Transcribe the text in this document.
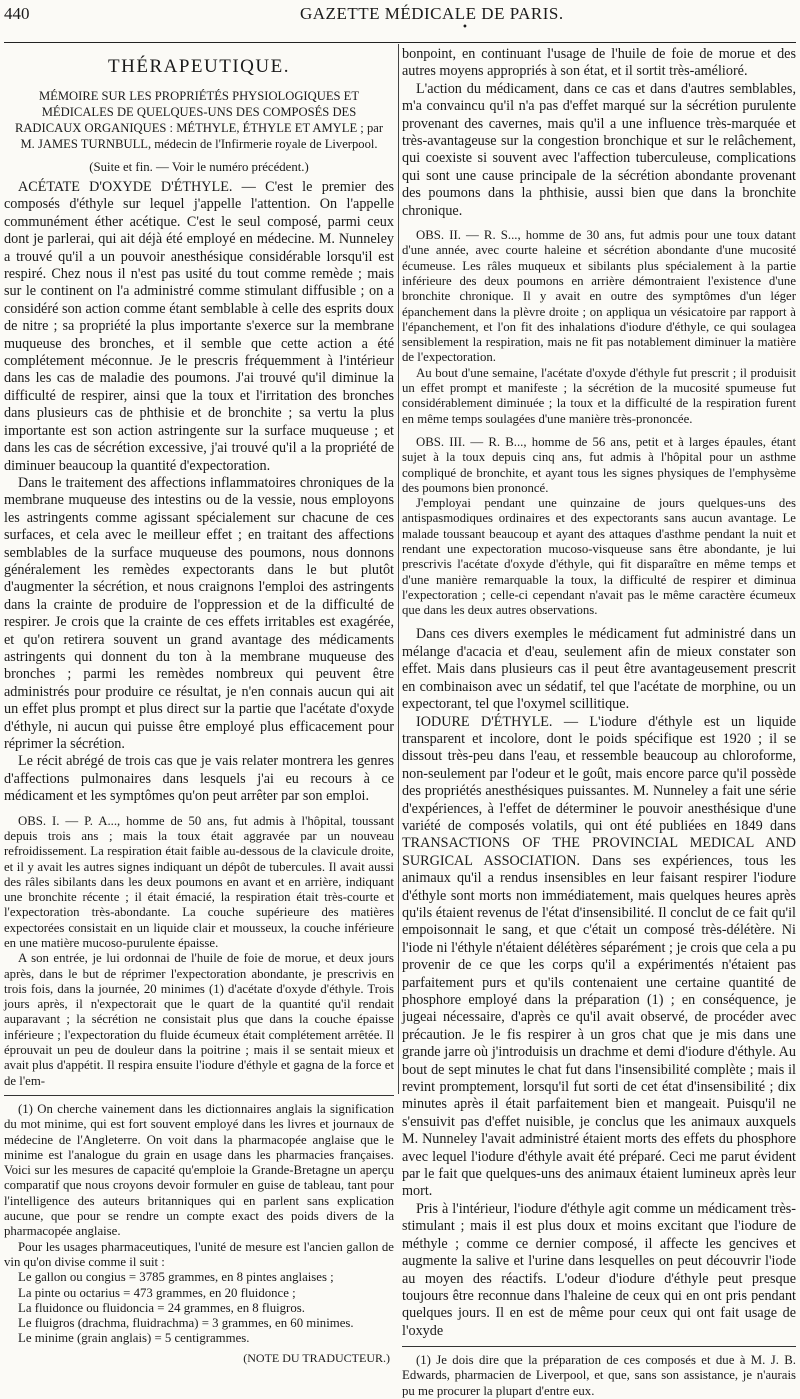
440	GAZETTE MÉDICALE DE PARIS.
•
THÉRAPEUTIQUE.
MÉMOIRE SUR LES PROPRIÉTÉS PHYSIOLOGIQUES ET MÉDICALES DE QUELQUES-UNS DES COMPOSÉS DES RADICAUX ORGANIQUES : MÉTHYLE, ÉTHYLE ET AMYLE ; par M. JAMES TURNBULL, médecin de l'Infirmerie royale de Liverpool.
(Suite et fin. — Voir le numéro précédent.)

ACÉTATE D'OXYDE D'ÉTHYLE. — C'est le premier des composés d'éthyle sur lequel j'appelle l'attention. On l'appelle communément éther acétique. C'est le seul composé, parmi ceux dont je parlerai, qui ait déjà été employé en médecine. M. Nunneley a trouvé qu'il a un pouvoir anesthésique considérable lorsqu'il est respiré. Chez nous il n'est pas usité du tout comme remède ; mais sur le continent on l'a administré comme stimulant diffusible ; on a considéré son action comme étant semblable à celle des esprits doux de nitre ; sa propriété la plus importante s'exerce sur la membrane muqueuse des bronches, et il semble que cette action a été complétement méconnue. Je le prescris fréquemment à l'intérieur dans les cas de maladie des poumons. J'ai trouvé qu'il diminue la difficulté de respirer, ainsi que la toux et l'irritation des bronches dans plusieurs cas de phthisie et de bronchite ; sa vertu la plus importante est son action astringente sur la surface muqueuse ; et dans les cas de sécrétion excessive, j'ai trouvé qu'il a la propriété de diminuer beaucoup la quantité d'expectoration.

Dans le traitement des affections inflammatoires chroniques de la membrane muqueuse des intestins ou de la vessie, nous employons les astringents comme agissant spécialement sur chacune de ces surfaces, et cela avec le meilleur effet ; en traitant des affections semblables de la surface muqueuse des poumons, nous donnons généralement les remèdes expectorants dans le but plutôt d'augmenter la sécrétion, et nous craignons l'emploi des astringents dans la crainte de produire de l'oppression et de la difficulté de respirer. Je crois que la crainte de ces effets irritables est exagérée, et qu'on retirera souvent un grand avantage des médicaments astringents qui donnent du ton à la membrane muqueuse des bronches ; parmi les remèdes nombreux qui peuvent être administrés pour produire ce résultat, je n'en connais aucun qui ait un effet plus prompt et plus direct sur la partie que l'acétate d'oxyde d'éthyle, ni aucun qui puisse être employé plus efficacement pour réprimer la sécrétion.

Le récit abrégé de trois cas que je vais relater montrera les genres d'affections pulmonaires dans lesquels j'ai eu recours à ce médicament et les symptômes qu'on peut arrêter par son emploi.

OBS. I. — P. A..., homme de 50 ans, fut admis à l'hôpital, toussant depuis trois ans ; mais la toux était aggravée par un nouveau refroidissement. La respiration était faible au-dessous de la clavicule droite, et il y avait les autres signes indiquant un dépôt de tubercules. Il avait aussi des râles sibilants dans les deux poumons en avant et en arrière, indiquant une bronchite récente ; il était émacié, la respiration était très-courte et l'expectoration très-abondante. La couche supérieure des matières expectorées consistait en un liquide clair et mousseux, la couche inférieure en une matière mucoso-purulente épaisse.

A son entrée, je lui ordonnai de l'huile de foie de morue, et deux jours après, dans le but de réprimer l'expectoration abondante, je prescrivis en trois fois, dans la journée, 20 minimes (1) d'acétate d'oxyde d'éthyle. Trois jours après, il n'expectorait que le quart de la quantité qu'il rendait auparavant ; la sécrétion ne consistait plus que dans la couche épaisse inférieure ; l'expectoration du fluide écumeux était complétement arrêtée. Il éprouvait un peu de douleur dans la poitrine ; mais il se sentait mieux et avait plus d'appétit. Il respira ensuite l'iodure d'éthyle et gagna de la force et de l'em-

(1) On cherche vainement dans les dictionnaires anglais la signification du mot minime, qui est fort souvent employé dans les livres et journaux de médecine de l'Angleterre. On voit dans la pharmacopée anglaise que le minime est l'analogue du grain en usage dans les pharmacies françaises. Voici sur les mesures de capacité qu'emploie la Grande-Bretagne un aperçu comparatif que nous croyons devoir formuler en guise de tableau, tant pour l'intelligence des auteurs britanniques qui en parlent sans explication aucune, que pour se rendre un compte exact des poids divers de la pharmacopée anglaise.

Pour les usages pharmaceutiques, l'unité de mesure est l'ancien gallon de vin qu'on divise comme il suit :

Le gallon ou congius = 3785 grammes, en 8 pintes anglaises ;

La pinte ou octarius = 473 grammes, en 20 fluidonce ;

La fluidonce ou fluidoncia = 24 grammes, en 8 fluigros.

Le fluigros (drachma, fluidrachma) = 3 grammes, en 60 minimes.

Le minime (grain anglais) = 5 centigrammes.

(NOTE DU TRADUCTEUR.)

bonpoint, en continuant l'usage de l'huile de foie de morue et des autres moyens appropriés à son état, et il sortit très-amélioré.

L'action du médicament, dans ce cas et dans d'autres semblables, m'a convaincu qu'il n'a pas d'effet marqué sur la sécrétion purulente provenant des cavernes, mais qu'il a une influence très-marquée et très-avantageuse sur la congestion bronchique et sur le relâchement, qui coexiste si souvent avec l'affection tuberculeuse, complications qui sont une cause principale de la sécrétion abondante provenant des poumons dans la phthisie, aussi bien que dans la bronchite chronique.

OBS. II. — R. S..., homme de 30 ans, fut admis pour une toux datant d'une année, avec courte haleine et sécrétion abondante d'une mucosité écumeuse. Les râles muqueux et sibilants plus spécialement à la partie inférieure des deux poumons en arrière démontraient l'existence d'une bronchite chronique. Il y avait en outre des symptômes d'un léger épanchement dans la plèvre droite ; on appliqua un vésicatoire par rapport à l'épanchement, et l'on fit des inhalations d'iodure d'éthyle, ce qui soulagea sensiblement la respiration, mais ne fit pas notablement diminuer la matière de l'expectoration.

Au bout d'une semaine, l'acétate d'oxyde d'éthyle fut prescrit ; il produisit un effet prompt et manifeste ; la sécrétion de la mucosité spumeuse fut considérablement diminuée ; la toux et la difficulté de la respiration furent en même temps soulagées d'une manière très-prononcée.

OBS. III. — R. B..., homme de 56 ans, petit et à larges épaules, étant sujet à la toux depuis cinq ans, fut admis à l'hôpital pour un asthme compliqué de bronchite, et ayant tous les signes physiques de l'emphysème des poumons bien prononcé.

J'employai pendant une quinzaine de jours quelques-uns des antispasmodiques ordinaires et des expectorants sans aucun avantage. Le malade toussant beaucoup et ayant des attaques d'asthme pendant la nuit et rendant une expectoration mucoso-visqueuse sans être abondante, je lui prescrivis l'acétate d'oxyde d'éthyle, qui fit disparaître en même temps et d'une manière remarquable la toux, la difficulté de respirer et diminua l'expectoration ; celle-ci cependant n'avait pas le même caractère écumeux que dans les deux autres observations.

Dans ces divers exemples le médicament fut administré dans un mélange d'acacia et d'eau, seulement afin de mieux constater son effet. Mais dans plusieurs cas il peut être avantageusement prescrit en combinaison avec un sédatif, tel que l'acétate de morphine, ou un expectorant, tel que l'oxymel scillitique.

IODURE D'ÉTHYLE. — L'iodure d'éthyle est un liquide transparent et incolore, dont le poids spécifique est 1920 ; il se dissout très-peu dans l'eau, et ressemble beaucoup au chloroforme, non-seulement par l'odeur et le goût, mais encore parce qu'il possède des propriétés anesthésiques puissantes. M. Nunneley a fait une série d'expériences, à l'effet de déterminer le pouvoir anesthésique d'une variété de composés volatils, qui ont été publiées en 1849 dans TRANSACTIONS OF THE PROVINCIAL MEDICAL AND SURGICAL ASSOCIATION. Dans ses expériences, tous les animaux qu'il a rendus insensibles en leur faisant respirer l'iodure d'éthyle sont morts non immédiatement, mais quelques heures après qu'ils étaient revenus de l'état d'insensibilité. Il conclut de ce fait qu'il empoisonnait le sang, et que c'était un composé très-délétère. Ni l'iode ni l'éthyle n'étaient délétères séparément ; je crois que cela a pu provenir de ce que les corps qu'il a expérimentés n'étaient pas parfaitement purs et qu'ils contenaient une certaine quantité de phosphore employé dans la préparation (1) ; en conséquence, je jugeai nécessaire, d'après ce qu'il avait observé, de procéder avec précaution. Je le fis respirer à un gros chat que je mis dans une grande jarre où j'introduisis un drachme et demi d'iodure d'éthyle. Au bout de sept minutes le chat fut dans l'insensibilité complète ; mais il revint promptement, lorsqu'il fut sorti de cet état d'insensibilité ; dix minutes après il était parfaitement bien et mangeait. Puisqu'il ne s'ensuivit pas d'effet nuisible, je conclus que les animaux auxquels M. Nunneley l'avait administré étaient morts des effets du phosphore avec lequel l'iodure d'éthyle avait été préparé. Ceci me parut évident par le fait que quelques-uns des animaux étaient lumineux après leur mort.

Pris à l'intérieur, l'iodure d'éthyle agit comme un médicament très-stimulant ; mais il est plus doux et moins excitant que l'iodure de méthyle ; comme ce dernier composé, il affecte les gencives et augmente la salive et l'urine dans lesquelles on peut découvrir l'iode au moyen des réactifs. L'odeur d'iodure d'éthyle peut presque toujours être reconnue dans l'haleine de ceux qui en ont pris pendant quelques jours. Il en est de même pour ceux qui ont fait usage de l'oxyde

(1) Je dois dire que la préparation de ces composés et due à M. J. B. Edwards, pharmacien de Liverpool, et que, sans son assistance, je n'aurais pu me procurer la plupart d'entre eux.
